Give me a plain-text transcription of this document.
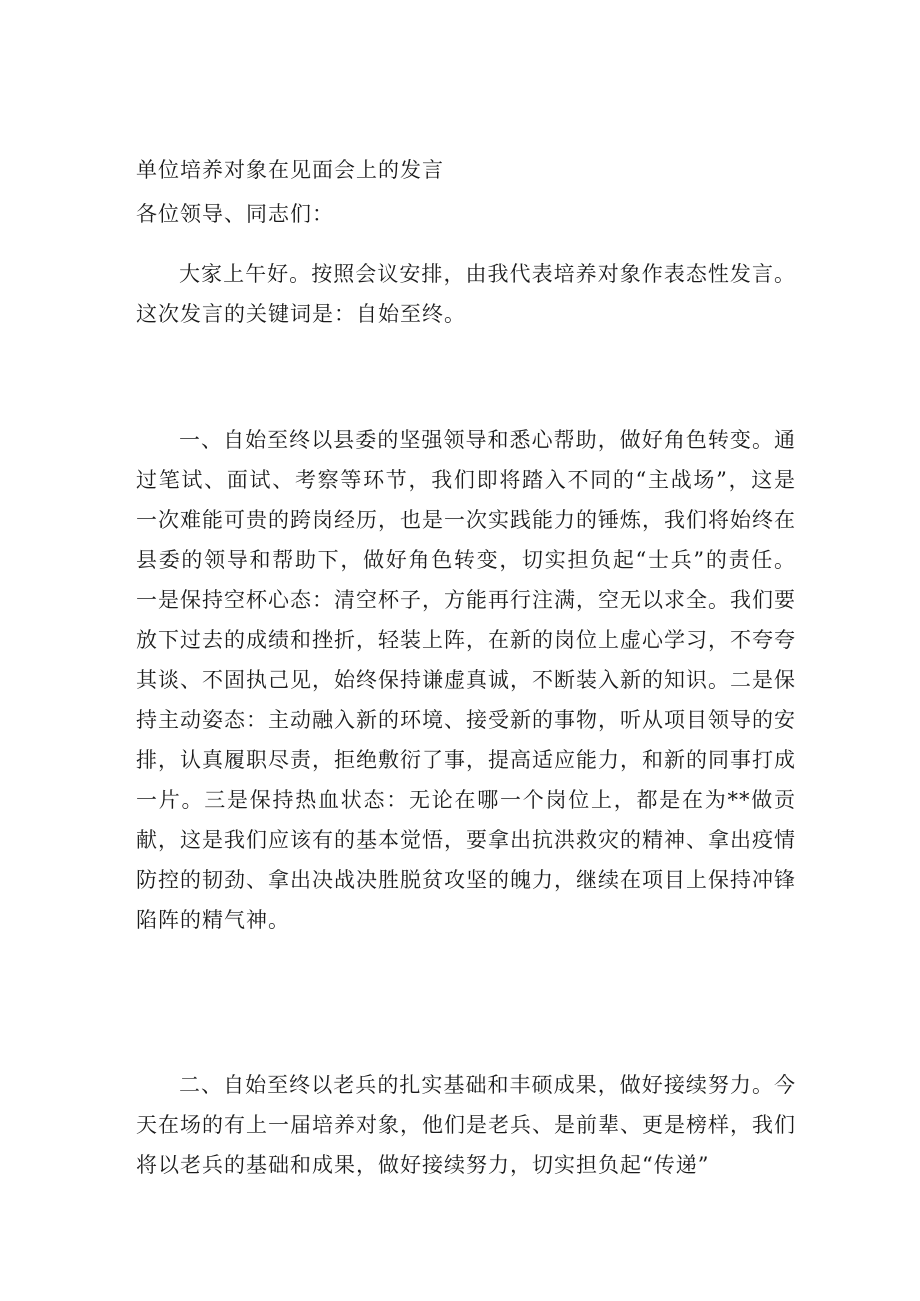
单位培养对象在见面会上的发言
各位领导、同志们：

大家上午好。按照会议安排，由我代表培养对象作表态性发言。这次发言的关键词是：自始至终。

一、自始至终以县委的坚强领导和悉心帮助，做好角色转变。通过笔试、面试、考察等环节，我们即将踏入不同的“主战场”，这是一次难能可贵的跨岗经历，也是一次实践能力的锤炼，我们将始终在县委的领导和帮助下，做好角色转变，切实担负起“士兵”的责任。一是保持空杯心态：清空杯子，方能再行注满，空无以求全。我们要放下过去的成绩和挫折，轻装上阵，在新的岗位上虚心学习，不夸夸其谈、不固执己见，始终保持谦虚真诚，不断装入新的知识。二是保持主动姿态：主动融入新的环境、接受新的事物，听从项目领导的安排，认真履职尽责，拒绝敷衍了事，提高适应能力，和新的同事打成一片。三是保持热血状态：无论在哪一个岗位上，都是在为**做贡献，这是我们应该有的基本觉悟，要拿出抗洪救灾的精神、拿出疫情防控的韧劲、拿出决战决胜脱贫攻坚的魄力，继续在项目上保持冲锋陷阵的精气神。

二、自始至终以老兵的扎实基础和丰硕成果，做好接续努力。今天在场的有上一届培养对象，他们是老兵、是前辈、更是榜样，我们将以老兵的基础和成果，做好接续努力，切实担负起“传递”
